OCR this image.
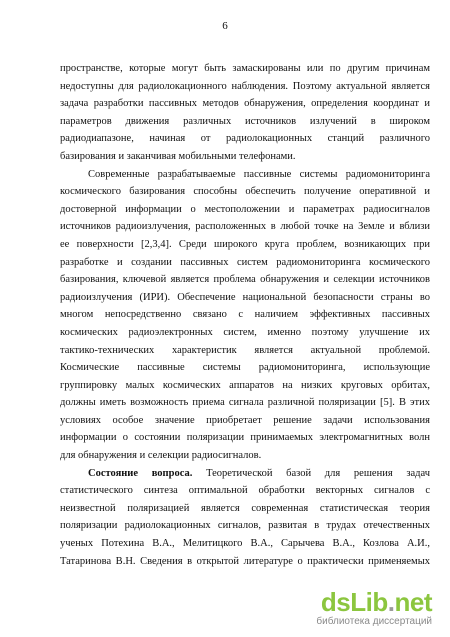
6
пространстве, которые могут быть замаскированы или по другим причинам
недоступны для радиолокационного наблюдения. Поэтому актуальной является
задача разработки пассивных методов обнаружения, определения координат и
параметров движения различных источников излучений в широком
радиодиапазоне, начиная от радиолокационных станций различного
базирования и заканчивая мобильными телефонами.
Современные разрабатываемые пассивные системы радиомониторинга
космического базирования способны обеспечить получение оперативной и
достоверной информации о местоположении и параметрах радиосигналов
источников радиоизлучения, расположенных в любой точке на Земле и вблизи
ее поверхности [2,3,4]. Среди широкого круга проблем, возникающих при
разработке и создании пассивных систем радиомониторинга космического
базирования, ключевой является проблема обнаружения и селекции источников
радиоизлучения (ИРИ). Обеспечение национальной безопасности страны во
многом непосредственно связано с наличием эффективных пассивных
космических радиоэлектронных систем, именно поэтому улучшение их
тактико-технических характеристик является актуальной проблемой.
Космические пассивные системы радиомониторинга, использующие
группировку малых космических аппаратов на низких круговых орбитах,
должны иметь возможность приема сигнала различной поляризации [5]. В этих
условиях особое значение приобретает решение задачи использования
информации о состоянии поляризации принимаемых электромагнитных волн
для обнаружения и селекции радиосигналов.
Состояние вопроса. Теоретической базой для решения задач
статистического синтеза оптимальной обработки векторных сигналов с
неизвестной поляризацией является современная статистическая теория
поляризации радиолокационных сигналов, развитая в трудах отечественных
ученых Потехина В.А., Мелитицкого В.А., Сарычева В.А., Козлова А.И.,
Татаринова В.Н. Сведения в открытой литературе о практически применяемых
dsLib.net
библиотека диссертаций
